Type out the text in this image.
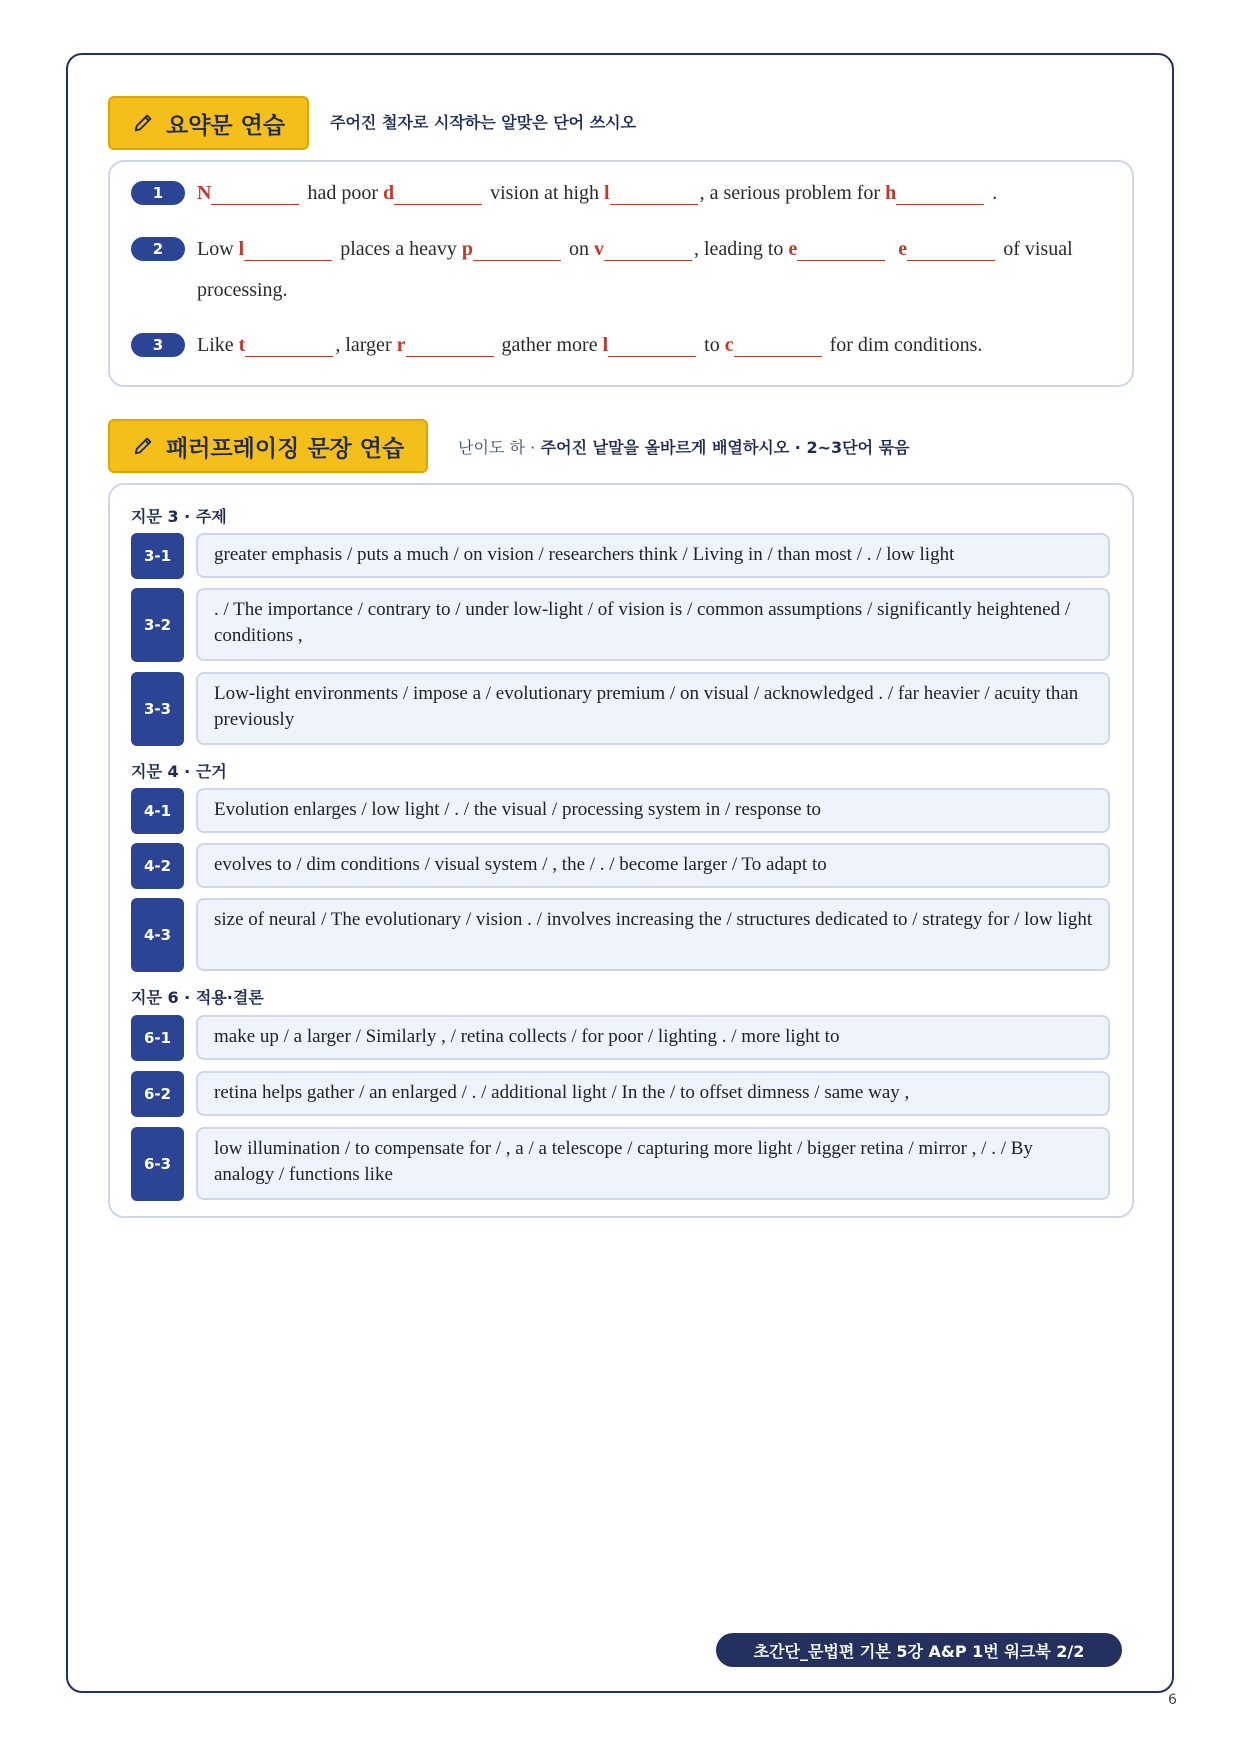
요약문 연습	주어진 철자로 시작하는 알맞은 단어 쓰시오
1	N	had poor d	vision at high l	, a serious problem for h	.
2	Low l	places a heavy p	on v	, leading to e	e	of visual
processing.
3	Like t	, larger r	gather more l	to c	for dim conditions.
패러프레이징 문장 연습	난이도 하 · 주어진 낱말을 올바르게 배열하시오 · 2~3단어 묶음
지문 3 · 주제
3-1	greater emphasis / puts a much / on vision / researchers think / Living in / than most / . / low light
3-2
. / The importance / contrary to / under low-light / of vision is / common assumptions / significantly heightened / conditions ,
3-3
Low-light environments / impose a / evolutionary premium / on visual / acknowledged . / far heavier / acuity than previously
지문 4 · 근거
4-1	Evolution enlarges / low light / . / the visual / processing system in / response to
4-2	evolves to / dim conditions / visual system / , the / . / become larger / To adapt to
4-3
size of neural / The evolutionary / vision . / involves increasing the / structures dedicated to / strategy for / low light
지문 6 · 적용·결론
6-1	make up / a larger / Similarly , / retina collects / for poor / lighting . / more light to
6-2	retina helps gather / an enlarged / . / additional light / In the / to offset dimness / same way ,
6-3
low illumination / to compensate for / , a / a telescope / capturing more light / bigger retina / mirror , / . / By analogy / functions like
초간단_문법편 기본 5강 A&P 1번 워크북 2/2
6
